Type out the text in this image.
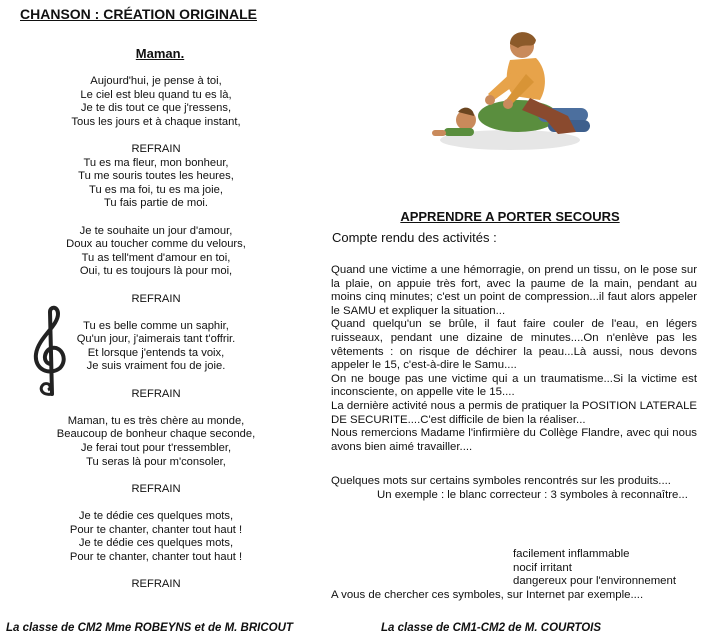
CHANSON : CRÉATION ORIGINALE
Maman.
Aujourd'hui, je pense à toi,
Le ciel est bleu quand tu es là,
Je te dis tout ce que j'ressens,
Tous les jours et à chaque instant,
REFRAIN
Tu es ma fleur, mon bonheur,
Tu me souris toutes les heures,
Tu es ma foi, tu es ma joie,
Tu fais partie de moi.
Je te souhaite un jour d'amour,
Doux au toucher comme du velours,
Tu as tell'ment d'amour en toi,
Oui, tu es toujours là pour moi,
REFRAIN
Tu es belle comme un saphir,
Qu'un jour, j'aimerais tant t'offrir.
Et lorsque j'entends ta voix,
Je suis vraiment fou de joie.
REFRAIN
Maman, tu es très chère au monde,
Beaucoup de bonheur chaque seconde,
Je ferai tout pour t'ressembler,
Tu seras là pour m'consoler,
REFRAIN
Je te dédie ces quelques mots,
Pour te chanter, chanter tout haut !
Je te dédie ces quelques mots,
Pour te chanter, chanter tout haut !
REFRAIN
APPRENDRE A PORTER SECOURS
Compte rendu des activités :

Quand une victime a une hémorragie, on prend un tissu, on le pose sur la plaie, on appuie très fort, avec la paume de la main, pendant au moins cinq minutes; c'est un point de compression...il faut alors appeler le SAMU et expliquer la situation...

Quand quelqu'un se brûle, il faut faire couler de l'eau, en légers ruisseaux, pendant une dizaine de minutes....On n'enlève pas les vêtements : on risque de déchirer la peau...Là aussi, nous devons appeler le 15, c'est-à-dire le Samu....

On ne bouge pas une victime qui a un traumatisme...Si la victime est inconsciente, on appelle vite le 15....

La dernière activité nous a permis de pratiquer la POSITION LATERALE DE SECURITE....C'est difficile de bien la réaliser...

Nous remercions Madame l'infirmière du Collège Flandre, avec qui nous avons bien aimé travailler....

Quelques mots sur certains symboles rencontrés sur les produits....

Un exemple : le blanc correcteur : 3 symboles à reconnaître...

facilement inflammable
nocif irritant
dangereux pour l'environnement
A vous de chercher ces symboles, sur Internet par exemple....
La classe de CM2 Mme ROBEYNS et de M. BRICOUT	La classe de CM1-CM2 de M. COURTOIS
